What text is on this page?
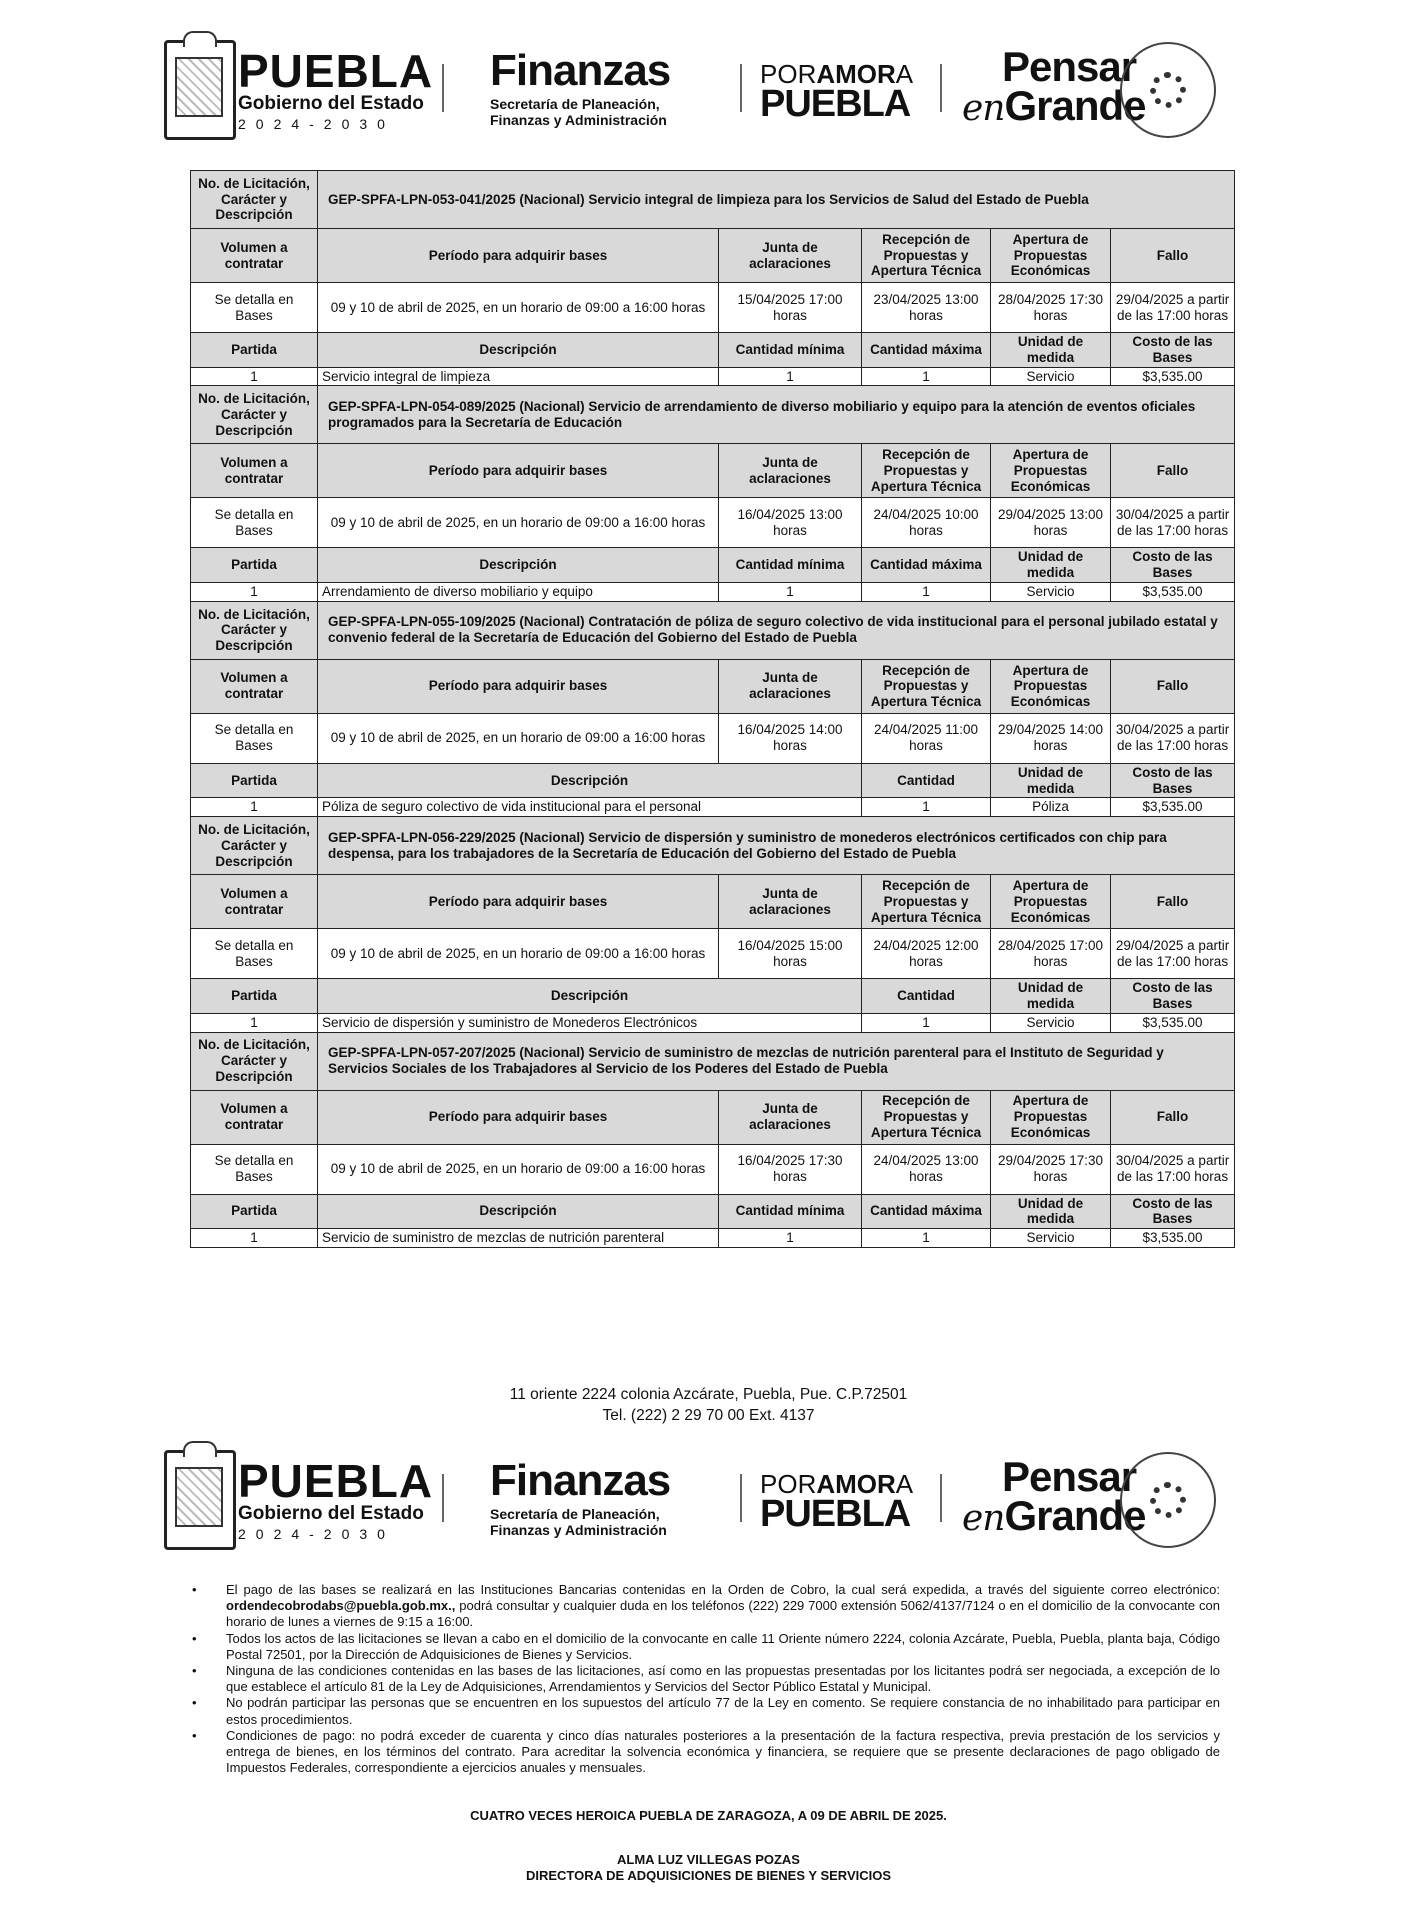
PUEBLA
Gobierno del Estado
2024-2030
Finanzas
Secretaría de Planeación,
Finanzas y Administración
PORAMORA
PUEBLA
Pensar
enGrande
No. de Licitación, Carácter y Descripción	GEP-SPFA-LPN-053-041/2025 (Nacional) Servicio integral de limpieza para los Servicios de Salud del Estado de Puebla				
Volumen a contratar	Período para adquirir bases	Junta de aclaraciones	Recepción de Propuestas y Apertura Técnica	Apertura de Propuestas Económicas	Fallo
Se detalla en Bases	09 y 10 de abril de 2025, en un horario de 09:00 a 16:00 horas	15/04/2025 17:00 horas	23/04/2025 13:00 horas	28/04/2025 17:30 horas	29/04/2025 a partir de las 17:00 horas
Partida	Descripción	Cantidad mínima	Cantidad máxima	Unidad de medida	Costo de las Bases
1	Servicio integral de limpieza	1	1	Servicio	$3,535.00
No. de Licitación, Carácter y Descripción	GEP-SPFA-LPN-054-089/2025 (Nacional) Servicio de arrendamiento de diverso mobiliario y equipo para la atención de eventos oficiales programados para la Secretaría de Educación				
Volumen a contratar	Período para adquirir bases	Junta de aclaraciones	Recepción de Propuestas y Apertura Técnica	Apertura de Propuestas Económicas	Fallo
Se detalla en Bases	09 y 10 de abril de 2025, en un horario de 09:00 a 16:00 horas	16/04/2025 13:00 horas	24/04/2025 10:00 horas	29/04/2025 13:00 horas	30/04/2025 a partir de las 17:00 horas
Partida	Descripción	Cantidad mínima	Cantidad máxima	Unidad de medida	Costo de las Bases
1	Arrendamiento de diverso mobiliario y equipo	1	1	Servicio	$3,535.00
No. de Licitación, Carácter y Descripción	GEP-SPFA-LPN-055-109/2025 (Nacional) Contratación de póliza de seguro colectivo de vida institucional para el personal jubilado estatal y convenio federal de la Secretaría de Educación del Gobierno del Estado de Puebla				
Volumen a contratar	Período para adquirir bases	Junta de aclaraciones	Recepción de Propuestas y Apertura Técnica	Apertura de Propuestas Económicas	Fallo
Se detalla en Bases	09 y 10 de abril de 2025, en un horario de 09:00 a 16:00 horas	16/04/2025 14:00 horas	24/04/2025 11:00 horas	29/04/2025 14:00 horas	30/04/2025 a partir de las 17:00 horas
Partida	Descripción		Cantidad	Unidad de medida	Costo de las Bases
1	Póliza de seguro colectivo de vida institucional para el personal		1	Póliza	$3,535.00
No. de Licitación, Carácter y Descripción	GEP-SPFA-LPN-056-229/2025 (Nacional) Servicio de dispersión y suministro de monederos electrónicos certificados con chip para despensa, para los trabajadores de la Secretaría de Educación del Gobierno del Estado de Puebla				
Volumen a contratar	Período para adquirir bases	Junta de aclaraciones	Recepción de Propuestas y Apertura Técnica	Apertura de Propuestas Económicas	Fallo
Se detalla en Bases	09 y 10 de abril de 2025, en un horario de 09:00 a 16:00 horas	16/04/2025 15:00 horas	24/04/2025 12:00 horas	28/04/2025 17:00 horas	29/04/2025 a partir de las 17:00 horas
Partida	Descripción		Cantidad	Unidad de medida	Costo de las Bases
1	Servicio de dispersión y suministro de Monederos Electrónicos		1	Servicio	$3,535.00
No. de Licitación, Carácter y Descripción	GEP-SPFA-LPN-057-207/2025 (Nacional) Servicio de suministro de mezclas de nutrición parenteral para el Instituto de Seguridad y Servicios Sociales de los Trabajadores al Servicio de los Poderes del Estado de Puebla				
Volumen a contratar	Período para adquirir bases	Junta de aclaraciones	Recepción de Propuestas y Apertura Técnica	Apertura de Propuestas Económicas	Fallo
Se detalla en Bases	09 y 10 de abril de 2025, en un horario de 09:00 a 16:00 horas	16/04/2025 17:30 horas	24/04/2025 13:00 horas	29/04/2025 17:30 horas	30/04/2025 a partir de las 17:00 horas
Partida	Descripción	Cantidad mínima	Cantidad máxima	Unidad de medida	Costo de las Bases
1	Servicio de suministro de mezclas de nutrición parenteral	1	1	Servicio	$3,535.00
11 oriente 2224 colonia Azcárate, Puebla, Pue. C.P.72501
Tel. (222) 2 29 70 00 Ext. 4137
PUEBLA
Gobierno del Estado
2024-2030
Finanzas
Secretaría de Planeación,
Finanzas y Administración
PORAMORA
PUEBLA
Pensar
enGrande

• El pago de las bases se realizará en las Instituciones Bancarias contenidas en la Orden de Cobro, la cual será expedida, a través del siguiente correo electrónico: ordendecobrodabs@puebla.gob.mx., podrá consultar y cualquier duda en los teléfonos (222) 229 7000 extensión 5062/4137/7124 o en el domicilio de la convocante con horario de lunes a viernes de 9:15 a 16:00.

• Todos los actos de las licitaciones se llevan a cabo en el domicilio de la convocante en calle 11 Oriente número 2224, colonia Azcárate, Puebla, Puebla, planta baja, Código Postal 72501, por la Dirección de Adquisiciones de Bienes y Servicios.

• Ninguna de las condiciones contenidas en las bases de las licitaciones, así como en las propuestas presentadas por los licitantes podrá ser negociada, a excepción de lo que establece el artículo 81 de la Ley de Adquisiciones, Arrendamientos y Servicios del Sector Público Estatal y Municipal.

• No podrán participar las personas que se encuentren en los supuestos del artículo 77 de la Ley en comento. Se requiere constancia de no inhabilitado para participar en estos procedimientos.

• Condiciones de pago: no podrá exceder de cuarenta y cinco días naturales posteriores a la presentación de la factura respectiva, previa prestación de los servicios y entrega de bienes, en los términos del contrato. Para acreditar la solvencia económica y financiera, se requiere que se presente declaraciones de pago obligado de Impuestos Federales, correspondiente a ejercicios anuales y mensuales.

CUATRO VECES HEROICA PUEBLA DE ZARAGOZA, A 09 DE ABRIL DE 2025.
ALMA LUZ VILLEGAS POZAS
DIRECTORA DE ADQUISICIONES DE BIENES Y SERVICIOS
